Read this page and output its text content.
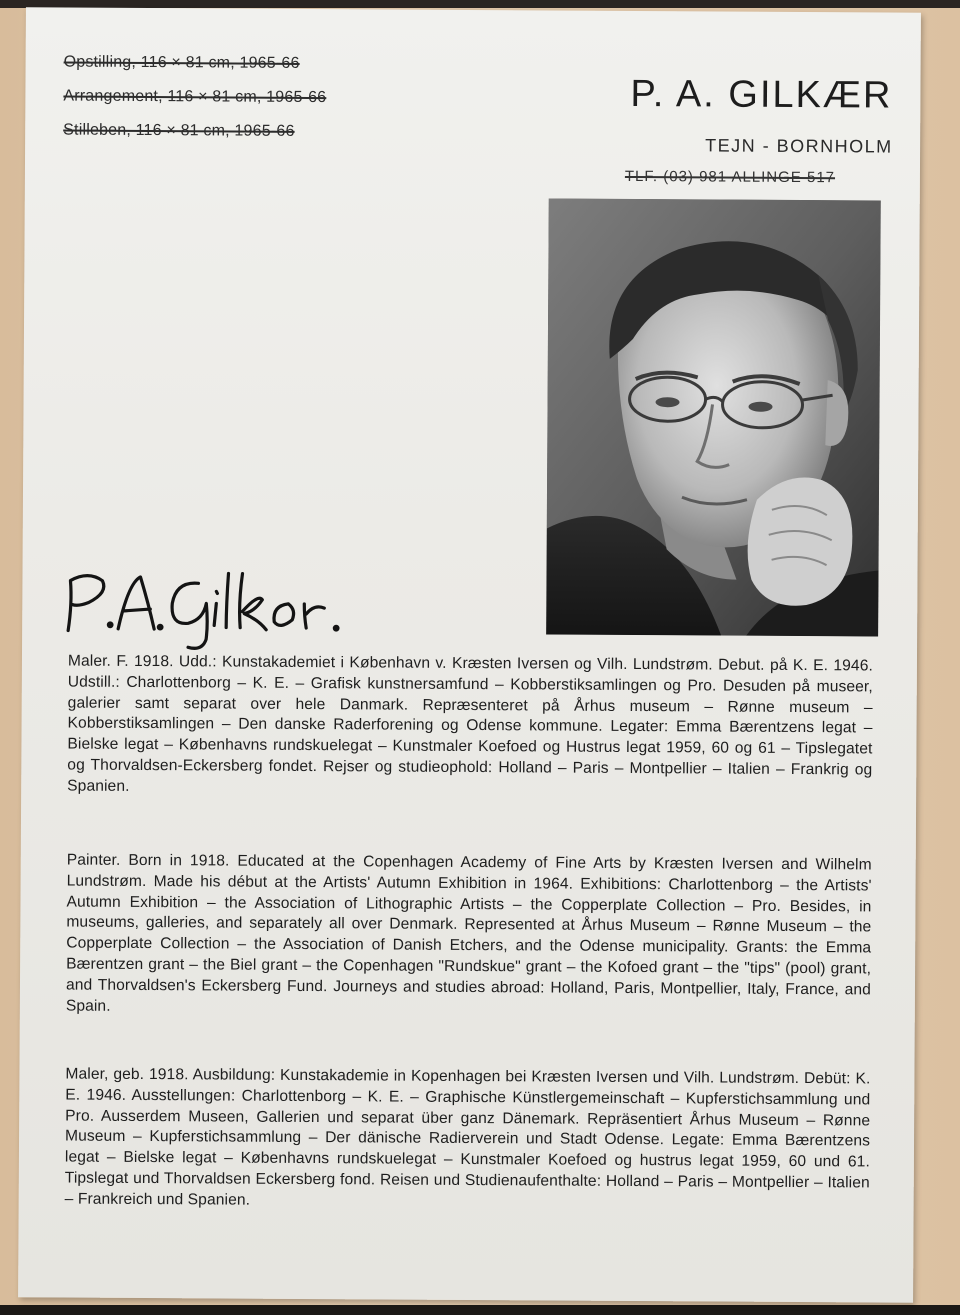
Opstilling, 116 × 81 cm, 1965-66
Arrangement, 116 × 81 cm, 1965-66
Stilleben, 116 × 81 cm, 1965-66
P. A. GILKÆR
TEJN - BORNHOLM
TLF. (03) 981 ALLINGE 517
Maler. F. 1918. Udd.: Kunstakademiet i København v. Kræsten Iversen og Vilh. Lundstrøm. Debut. på K. E. 1946. Udstill.: Charlottenborg – K. E. – Grafisk kunstnersamfund – Kobberstiksamlingen og Pro. Desuden på museer, galerier samt separat over hele Danmark. Repræsenteret på Århus museum – Rønne museum – Kobberstiksamlingen – Den danske Raderforening og Odense kommune. Legater: Emma Bærentzens legat – Bielske legat – Københavns rundskuelegat – Kunstmaler Koefoed og Hustrus legat 1959, 60 og 61 – Tipslegatet og Thorvaldsen-Eckersberg fondet. Rejser og studieophold: Holland – Paris – Montpellier – Italien – Frankrig og Spanien.
Painter. Born in 1918. Educated at the Copenhagen Academy of Fine Arts by Kræsten Iversen and Wilhelm Lundstrøm. Made his début at the Artists' Autumn Exhibition in 1964. Exhibitions: Charlottenborg – the Artists' Autumn Exhibition – the Association of Lithographic Artists – the Copperplate Collection – Pro. Besides, in museums, galleries, and separately all over Denmark. Represented at Århus Museum – Rønne Museum – the Copperplate Collection – the Association of Danish Etchers, and the Odense municipality. Grants: the Emma Bærentzen grant – the Biel grant – the Copenhagen "Rundskue" grant – the Kofoed grant – the "tips" (pool) grant, and Thorvaldsen's Eckersberg Fund. Journeys and studies abroad: Holland, Paris, Montpellier, Italy, France, and Spain.
Maler, geb. 1918. Ausbildung: Kunstakademie in Kopenhagen bei Kræsten Iversen und Vilh. Lundstrøm. Debüt: K. E. 1946. Ausstellungen: Charlottenborg – K. E. – Graphische Künstlergemeinschaft – Kupferstichsammlung und Pro. Ausserdem Museen, Gallerien und separat über ganz Dänemark. Repräsentiert Århus Museum – Rønne Museum – Kupferstichsammlung – Der dänische Radierverein und Stadt Odense. Legate: Emma Bærentzens legat – Bielske legat – Københavns rundskuelegat – Kunstmaler Koefoed og hustrus legat 1959, 60 und 61. Tipslegat und Thorvaldsen Eckersberg fond. Reisen und Studienaufenthalte: Holland – Paris – Montpellier – Italien – Frankreich und Spanien.
